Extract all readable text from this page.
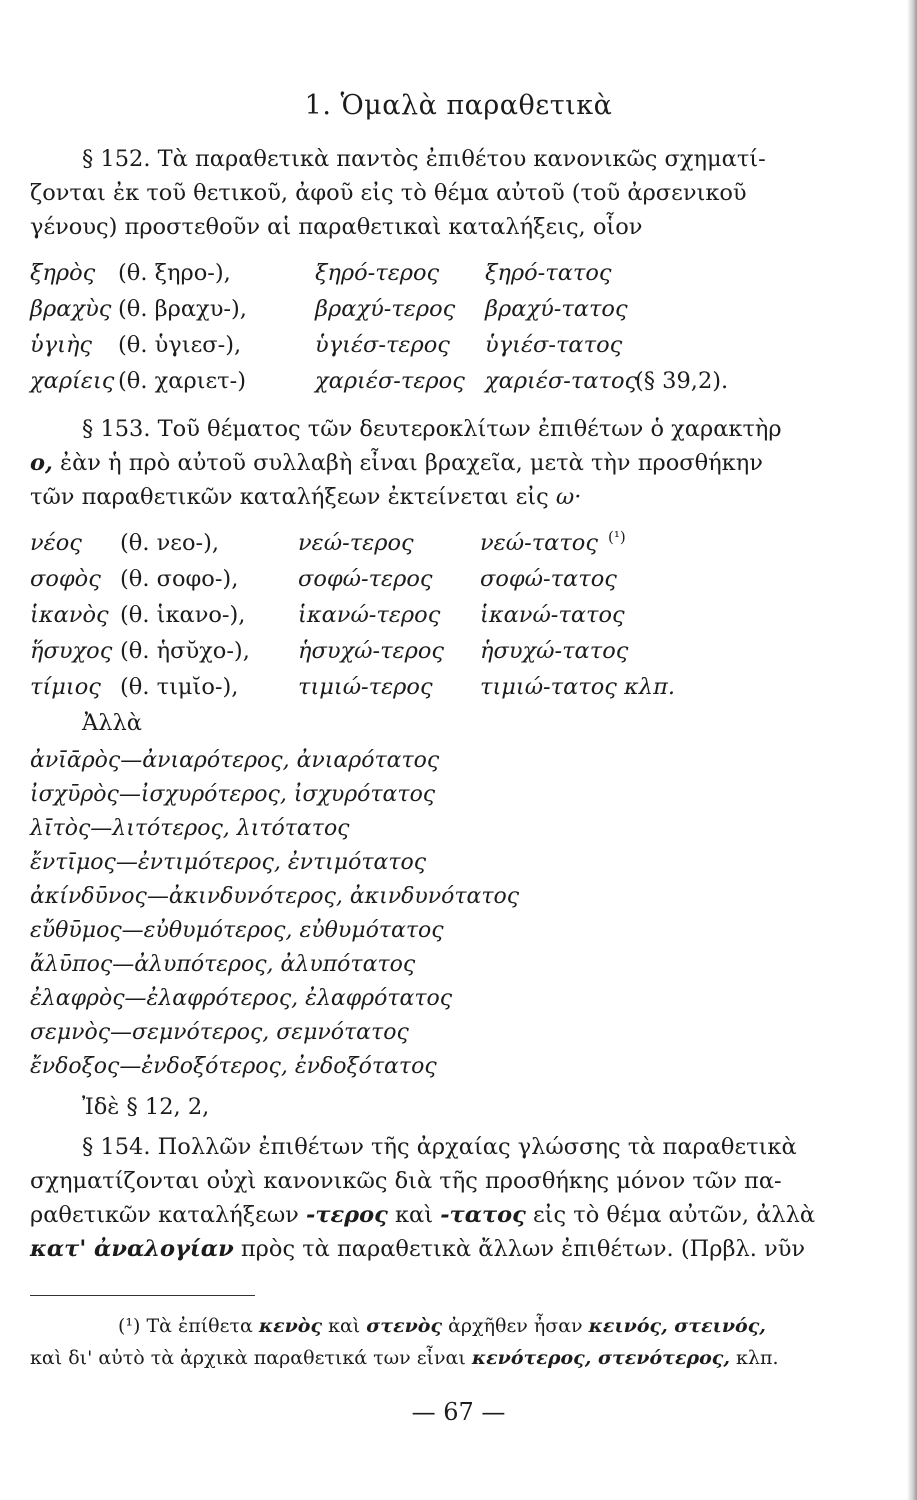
1. Ὁμαλὰ παραθετικὰ
§ 152. Τὰ παραθετικὰ παντὸς ἐπιθέτου κανονικῶς σχηματί-
ζονται ἐκ τοῦ θετικοῦ, ἀφοῦ εἰς τὸ θέμα αὐτοῦ (τοῦ ἀρσενικοῦ
γένους) προστεθοῦν αἱ παραθετικαὶ καταλήξεις, οἷον
ξηρὸς (θ. ξηρο-),	ξηρό-τερος ξηρό-τατος
βραχὺς (θ. βραχυ-),	βραχύ-τερος βραχύ-τατος
ὑγιὴς (θ. ὑγιεσ-),	ὑγιέσ-τερος ὑγιέσ-τατος
χαρίεις (θ. χαριετ-)	χαριέσ-τερος χαριέσ-τατος
(§ 39,2).
§ 153. Τοῦ θέματος τῶν δευτεροκλίτων ἐπιθέτων ὁ χαρακτὴρ
ο, ἐὰν ἡ πρὸ αὐτοῦ συλλαβὴ εἶναι βραχεῖα, μετὰ τὴν προσθήκην
τῶν παραθετικῶν καταλήξεων ἐκτείνεται εἰς ω·
νέος (θ. νεο-),	νεώ-τερος	νεώ-τατος (¹)
σοφὸς (θ. σοφο-),	σοφώ-τερος σοφώ-τατος
ἱκανὸς (θ. ἱκανο-), ἱκανώ-τερος ἱκανώ-τατος
ἥσυχος (θ. ἡσῠχο-), ἡσυχώ-τερος ἡσυχώ-τατος
τίμιος (θ. τιμῐο-),	τιμιώ-τερος τιμιώ-τατος κλπ.
Ἀλλὰ
ἀνῑᾱρὸς—ἀνιαρότερος, ἀνιαρότατος
ἰσχῡρὸς—ἰσχυρότερος, ἰσχυρότατος
λῑτὸς—λιτότερος, λιτότατος
ἔντῑμος—ἐντιμότερος, ἐντιμότατος
ἀκίνδῡνος—ἀκινδυνότερος, ἀκινδυνότατος
εὔθῡμος—εὐθυμότερος, εὐθυμότατος
ἄλῡπος—ἀλυπότερος, ἀλυπότατος
ἐλαφρὸς—ἐλαφρότερος, ἐλαφρότατος
σεμνὸς—σεμνότερος, σεμνότατος
ἔνδοξος—ἐνδοξότερος, ἐνδοξότατος
Ἰδὲ § 12, 2,
§ 154. Πολλῶν ἐπιθέτων τῆς ἀρχαίας γλώσσης τὰ παραθετικὰ
σχηματίζονται οὐχὶ κανονικῶς διὰ τῆς προσθήκης μόνον τῶν πα-
ραθετικῶν καταλήξεων -τερος καὶ -τατος εἰς τὸ θέμα αὐτῶν, ἀλλὰ
κατ' ἀναλογίαν πρὸς τὰ παραθετικὰ ἄλλων ἐπιθέτων. (Πρβλ. νῦν
(¹) Τὰ ἐπίθετα κενὸς καὶ στενὸς ἀρχῆθεν ἦσαν κεινός, στεινός,
καὶ δι' αὐτὸ τὰ ἀρχικὰ παραθετικά των εἶναι κενότερος, στενότερος, κλπ.
— 67 —
